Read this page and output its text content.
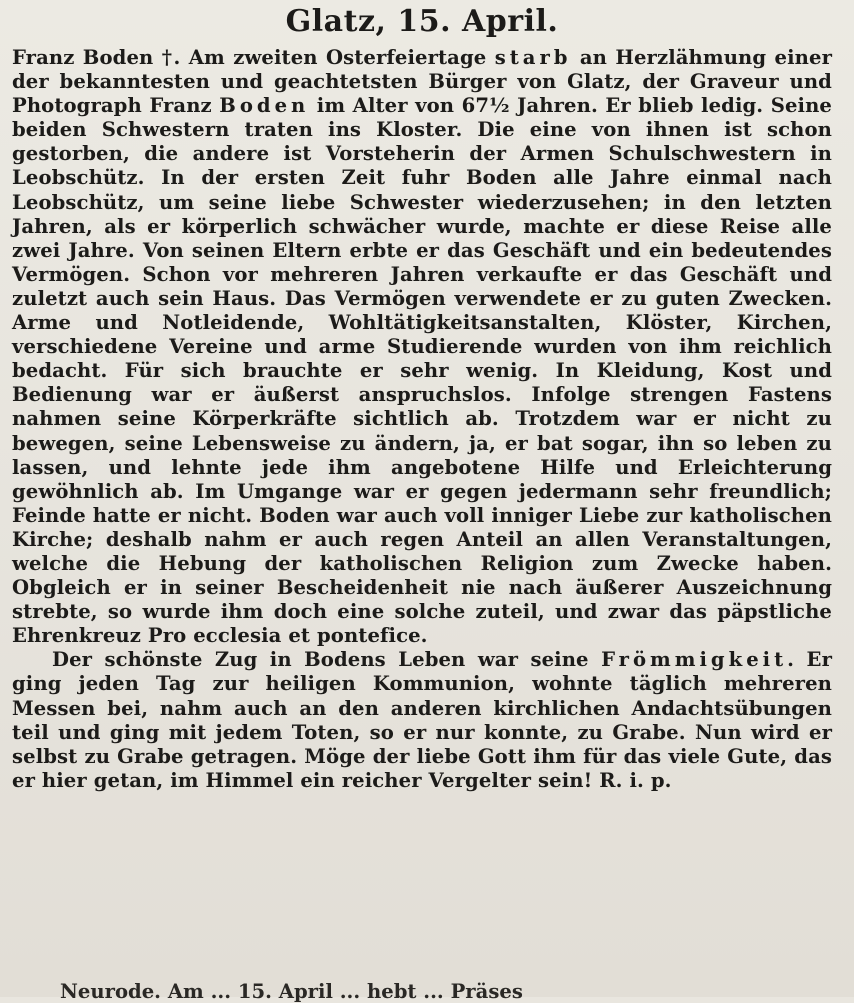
Glatz, 15. April.

Franz Boden †. Am zweiten Osterfeiertage starb an Herzlähmung einer der bekanntesten und geachtetsten Bürger von Glatz, der Graveur und Photograph Franz Boden im Alter von 67½ Jahren. Er blieb ledig. Seine beiden Schwestern traten ins Kloster. Die eine von ihnen ist schon gestorben, die andere ist Vorsteherin der Armen Schulschwestern in Leobschütz. In der ersten Zeit fuhr Boden alle Jahre einmal nach Leobschütz, um seine liebe Schwester wiederzusehen; in den letzten Jahren, als er körperlich schwächer wurde, machte er diese Reise alle zwei Jahre. Von seinen Eltern erbte er das Geschäft und ein bedeutendes Vermögen. Schon vor mehreren Jahren verkaufte er das Geschäft und zuletzt auch sein Haus. Das Vermögen verwendete er zu guten Zwecken. Arme und Notleidende, Wohltätigkeitsanstalten, Klöster, Kirchen, verschiedene Vereine und arme Studierende wurden von ihm reichlich bedacht. Für sich brauchte er sehr wenig. In Kleidung, Kost und Bedienung war er äußerst anspruchslos. Infolge strengen Fastens nahmen seine Körperkräfte sichtlich ab. Trotzdem war er nicht zu bewegen, seine Lebensweise zu ändern, ja, er bat sogar, ihn so leben zu lassen, und lehnte jede ihm angebotene Hilfe und Erleichterung gewöhnlich ab. Im Umgange war er gegen jedermann sehr freundlich; Feinde hatte er nicht. Boden war auch voll inniger Liebe zur katholischen Kirche; deshalb nahm er auch regen Anteil an allen Veranstaltungen, welche die Hebung der katholischen Religion zum Zwecke haben. Obgleich er in seiner Bescheidenheit nie nach äußerer Auszeichnung strebte, so wurde ihm doch eine solche zuteil, und zwar das päpstliche Ehrenkreuz Pro ecclesia et pontefice.

Der schönste Zug in Bodens Leben war seine Frömmigkeit. Er ging jeden Tag zur heiligen Kommunion, wohnte täglich mehreren Messen bei, nahm auch an den anderen kirchlichen Andachtsübungen teil und ging mit jedem Toten, so er nur konnte, zu Grabe. Nun wird er selbst zu Grabe getragen. Möge der liebe Gott ihm für das viele Gute, das er hier getan, im Himmel ein reicher Vergelter sein! R. i. p.

Neurode. Am ... 15. April ... hebt ... Präses
